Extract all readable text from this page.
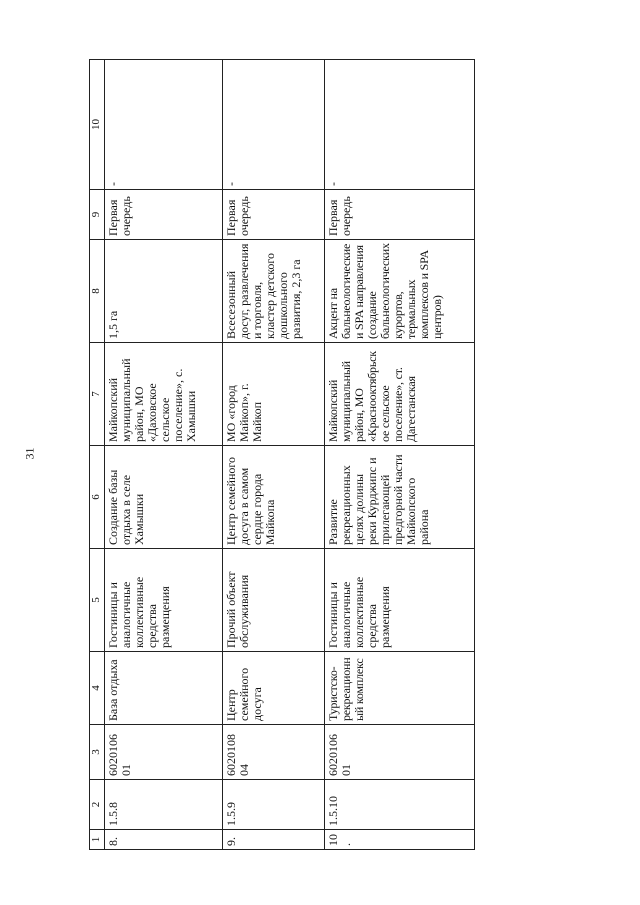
31
1	2	3	4	5	6	7	8	9	10
8.	1.5.8	6020106 01	База отдыха	Гостиницы и аналогичные коллективные средства размещения	Создание базы отдыха в селе Хамышки	Майкопский муниципальный район, МО «Даховское сельское поселение», с. Хамышки	1,5 га	Первая очередь	-
9.	1.5.9	6020108 04	Центр семейного досуга	Прочий объект обслуживания	Центр семейного досуга в самом сердце города Майкопа	МО «город Майкоп», г. Майкоп	Всесезонный досуг, развлечения и торговля, кластер детского дошкольного развития, 2,3 га	Первая очередь	-
10.	1.5.10	6020106 01	Туристско-рекреационный комплекс	Гостиницы и аналогичные коллективные средства размещения	Развитие рекреационных целях долины реки Курджипс и прилегающей предгорной части Майкопского района	Майкопский муниципальный район, МО «Краснооктябрьское сельское поселение», ст. Дагестанская	Акцент на бальнеологические и SPA направления (создание бальнеологических курортов, термальных комплексов и SPA центров)	Первая очередь	-
